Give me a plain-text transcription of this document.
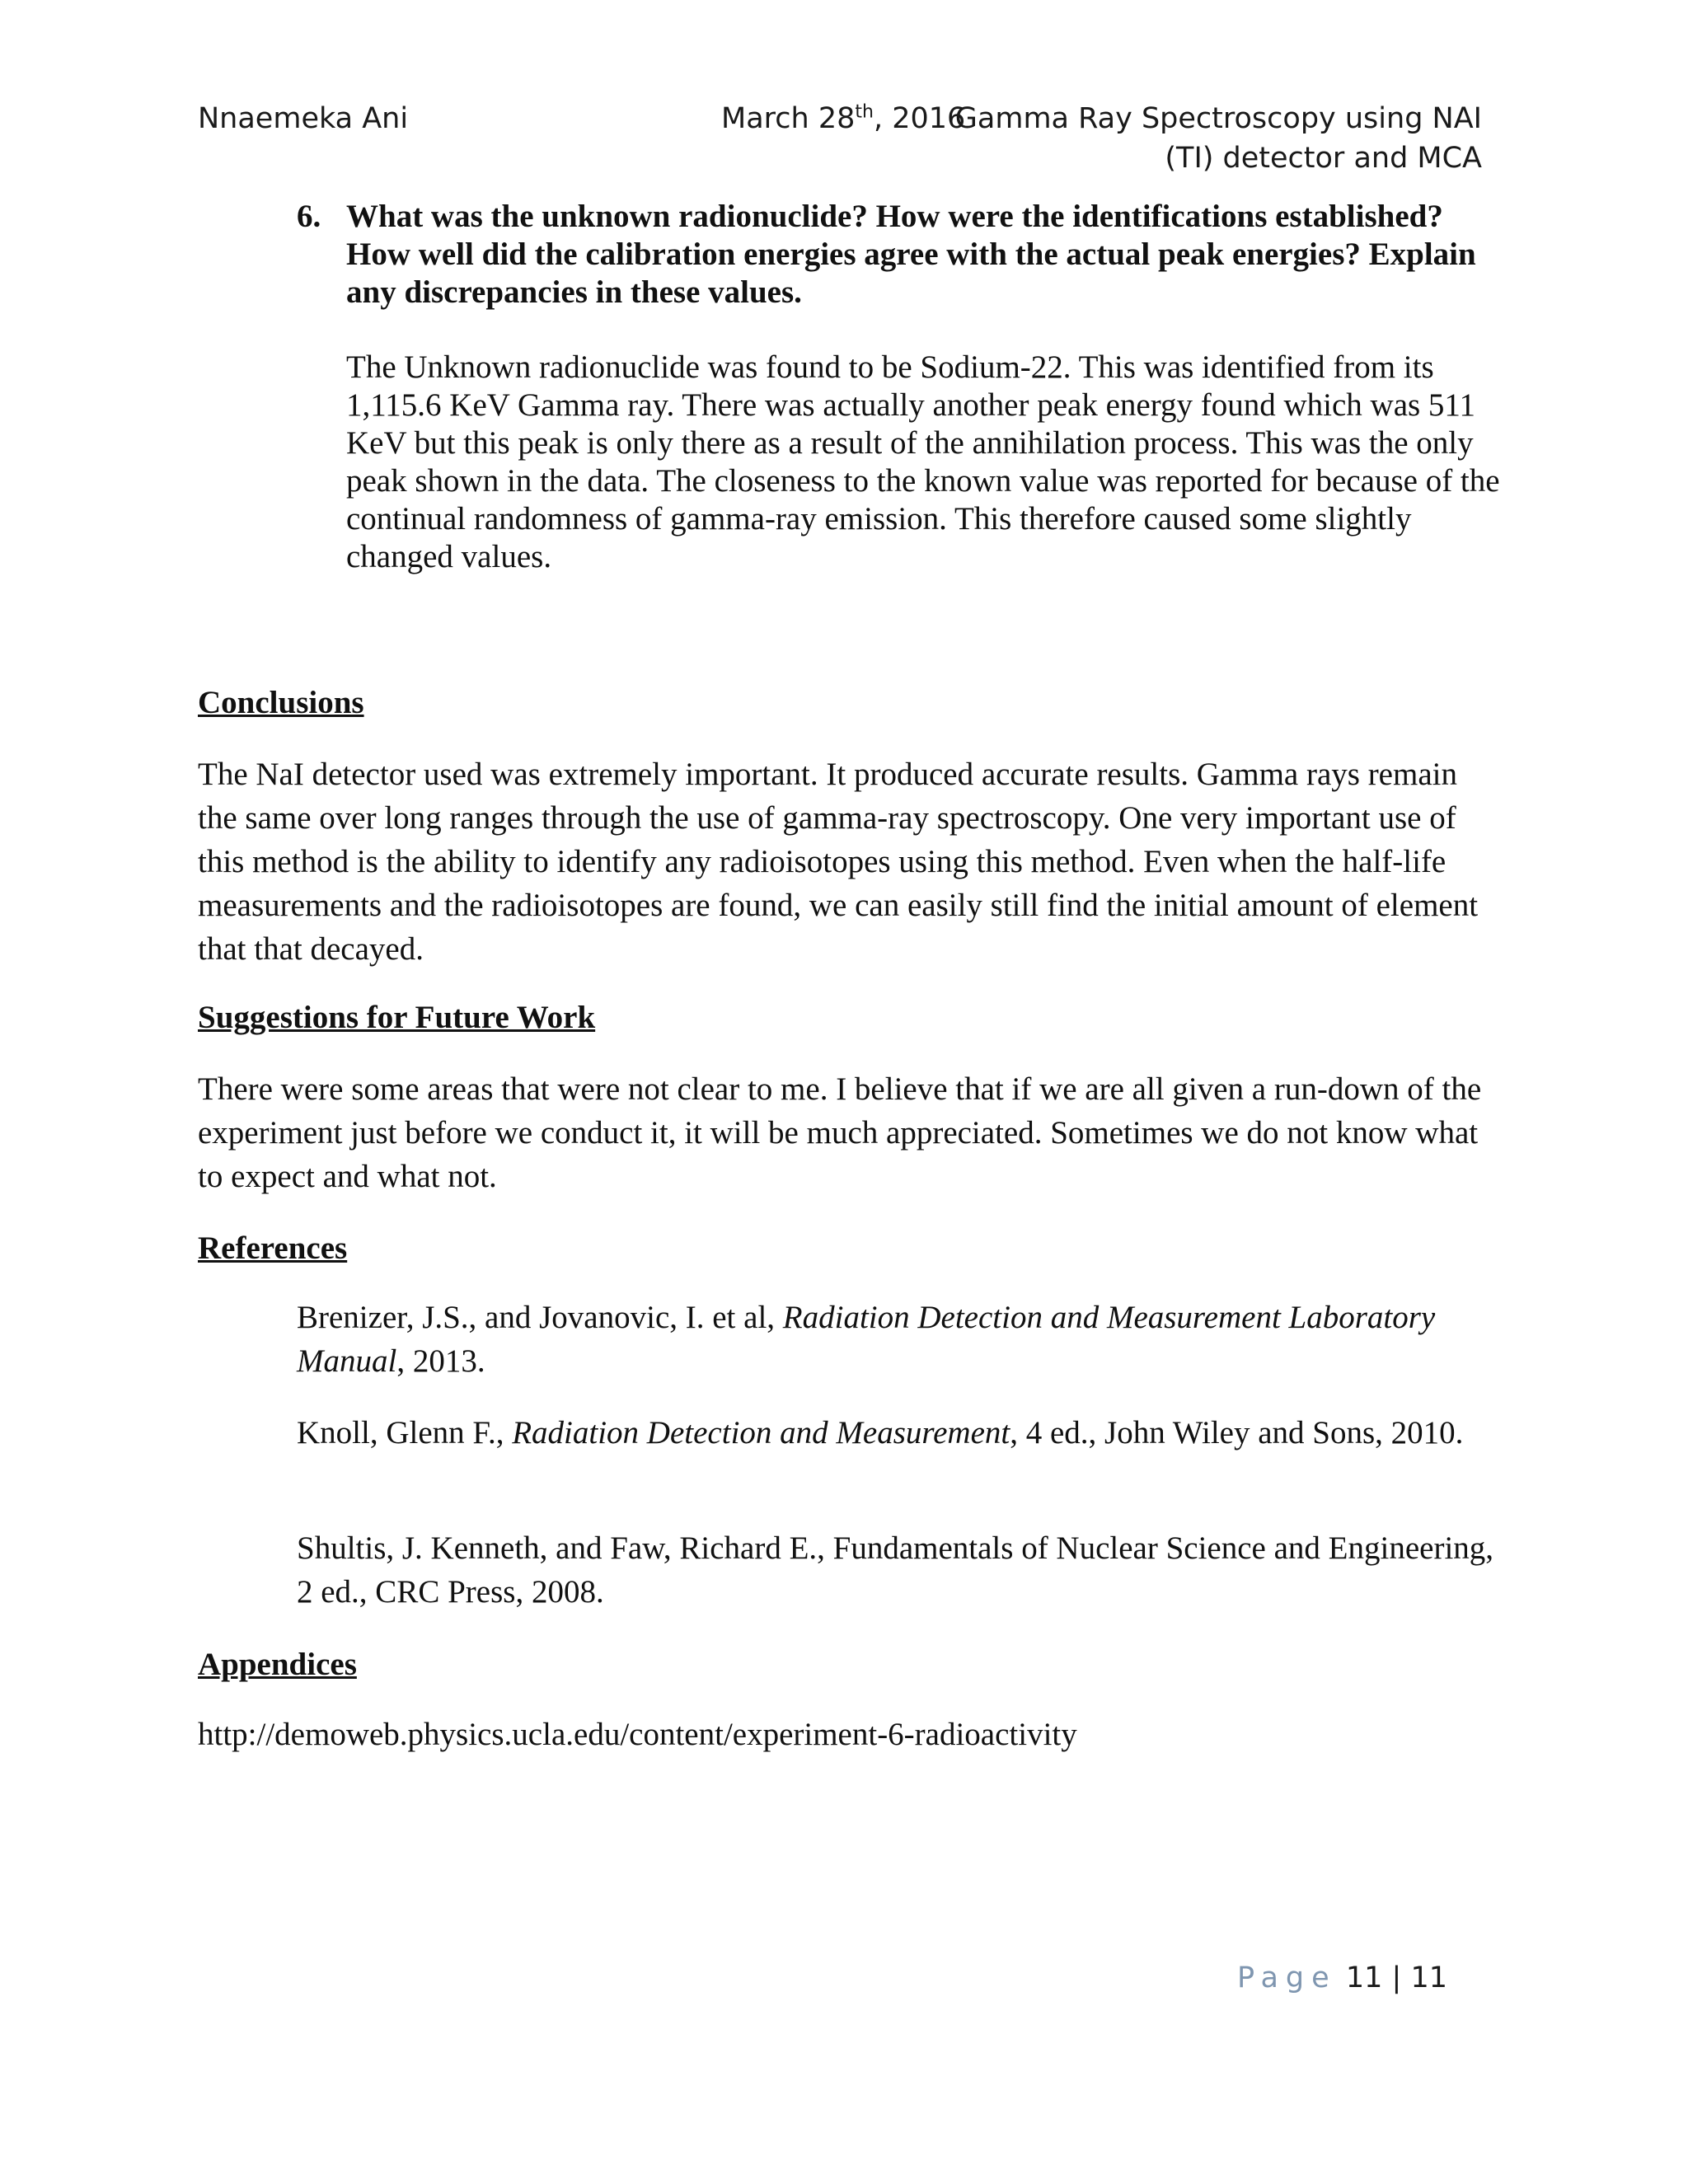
Nnaemeka Ani	March 28th, 2016
Gamma Ray Spectroscopy using NAI
(TI) detector and MCA
6. What was the unknown radionuclide? How were the identifications established? How well did the calibration energies agree with the actual peak energies? Explain any discrepancies in these values.
The Unknown radionuclide was found to be Sodium-22. This was identified from its 1,115.6 KeV Gamma ray. There was actually another peak energy found which was 511 KeV but this peak is only there as a result of the annihilation process. This was the only peak shown in the data. The closeness to the known value was reported for because of the continual randomness of gamma-ray emission. This therefore caused some slightly changed values.
Conclusions
The NaI detector used was extremely important. It produced accurate results. Gamma rays remain the same over long ranges through the use of gamma-ray spectroscopy. One very important use of this method is the ability to identify any radioisotopes using this method. Even when the half-life measurements and the radioisotopes are found, we can easily still find the initial amount of element that that decayed.
Suggestions for Future Work
There were some areas that were not clear to me. I believe that if we are all given a run-down of the experiment just before we conduct it, it will be much appreciated. Sometimes we do not know what to expect and what not.
References
Brenizer, J.S., and Jovanovic, I. et al, Radiation Detection and Measurement Laboratory Manual, 2013.
Knoll, Glenn F., Radiation Detection and Measurement, 4 ed., John Wiley and Sons, 2010.
Shultis, J. Kenneth, and Faw, Richard E., Fundamentals of Nuclear Science and Engineering, 2 ed., CRC Press, 2008.
Appendices
http://demoweb.physics.ucla.edu/content/experiment-6-radioactivity
Page 11 | 11
